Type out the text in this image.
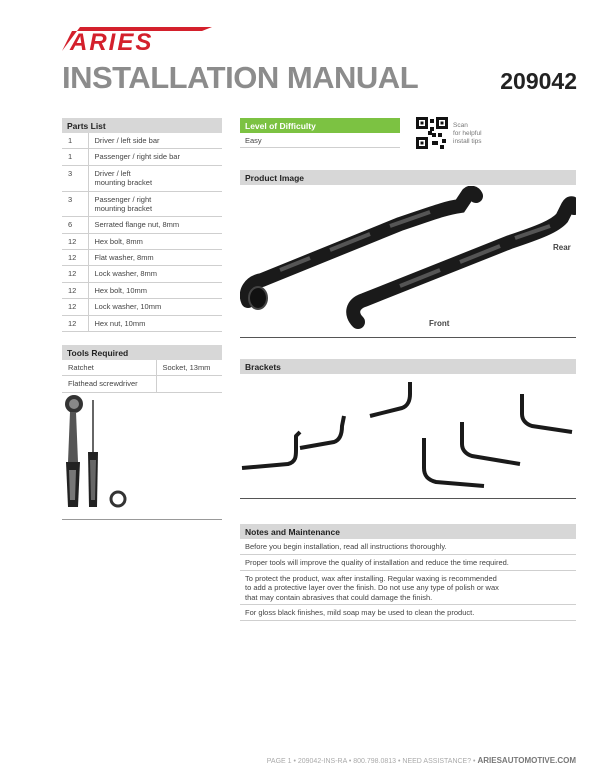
ARIES
INSTALLATION MANUAL	209042
Parts List
1	Driver / left side bar
1	Passenger / right side bar
3	Driver / left
mounting bracket
3	Passenger / right
mounting bracket
6	Serrated flange nut, 8mm
12	Hex bolt, 8mm
12	Flat washer, 8mm
12	Lock washer, 8mm
12	Hex bolt, 10mm
12	Lock washer, 10mm
12	Hex nut, 10mm
Tools Required
Ratchet	Socket, 13mm
Flathead screwdriver	
Level of Difficulty
Easy
Scan
for helpful
install tips
Product Image
Rear
Front
Brackets
Notes and Maintenance

Before you begin installation, read all instructions thoroughly.

Proper tools will improve the quality of installation and reduce the time required.

To protect the product, wax after installing. Regular waxing is recommended
to add a protective layer over the finish. Do not use any type of polish or wax
that may contain abrasives that could damage the finish.

For gloss black finishes, mild soap may be used to clean the product.

PAGE 1 • 209042-INS-RA • 800.798.0813 • NEED ASSISTANCE? • ARIESAUTOMOTIVE.COM
